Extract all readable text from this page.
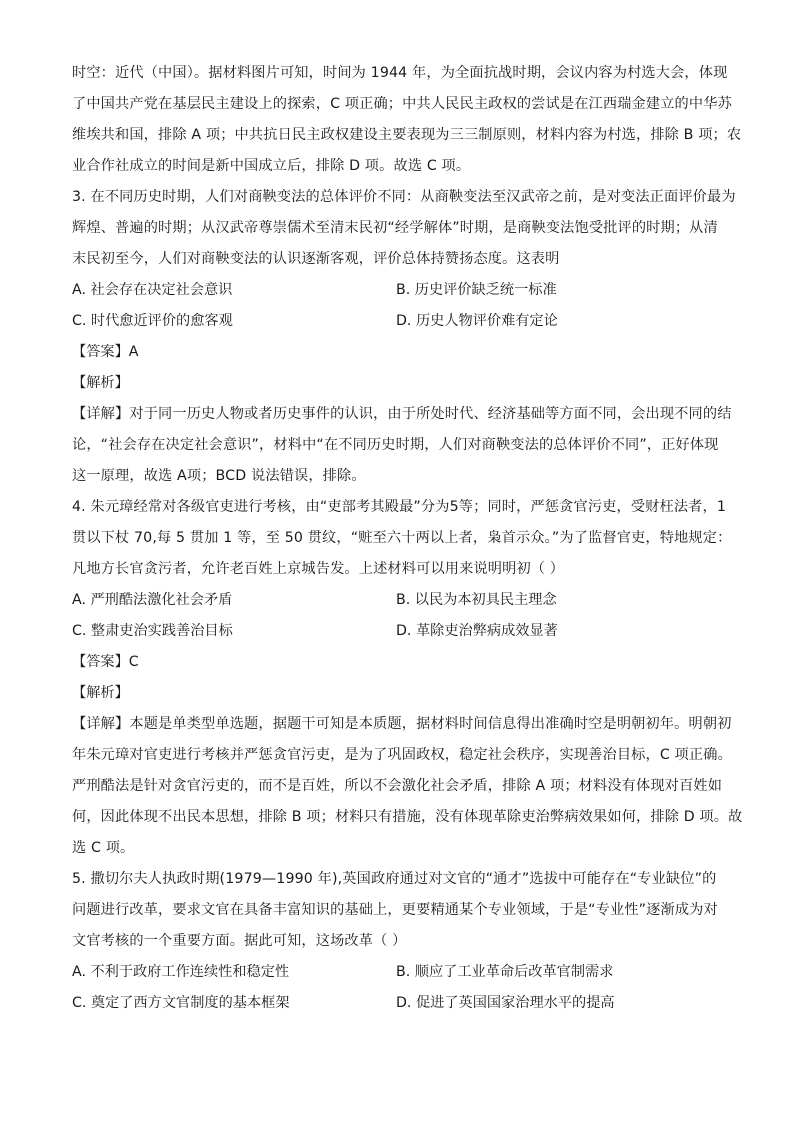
时空：近代（中国）。据材料图片可知，时间为 1944 年，为全面抗战时期，会议内容为村选大会，体现
了中国共产党在基层民主建设上的探索，C 项正确；中共人民民主政权的尝试是在江西瑞金建立的中华苏
维埃共和国，排除 A 项；中共抗日民主政权建设主要表现为三三制原则，材料内容为村选，排除 B 项；农
业合作社成立的时间是新中国成立后，排除 D 项。故选 C 项。
3. 在不同历史时期，人们对商鞅变法的总体评价不同：从商鞅变法至汉武帝之前，是对变法正面评价最为
辉煌、普遍的时期；从汉武帝尊崇儒术至清末民初“经学解体”时期，是商鞅变法饱受批评的时期；从清
末民初至今，人们对商鞅变法的认识逐渐客观，评价总体持赞扬态度。这表明
A. 社会存在决定社会意识	B. 历史评价缺乏统一标准
C. 时代愈近评价的愈客观	D. 历史人物评价难有定论
【答案】A
【解析】
【详解】对于同一历史人物或者历史事件的认识，由于所处时代、经济基础等方面不同，会出现不同的结
论，“社会存在决定社会意识”，材料中“在不同历史时期，人们对商鞅变法的总体评价不同”，正好体现
这一原理，故选 A项；BCD 说法错误，排除。
4. 朱元璋经常对各级官吏进行考核，由“吏部考其殿最”分为5等；同时，严惩贪官污吏，受财枉法者，1
贯以下杖 70,每 5 贯加 1 等，至 50 贯纹，“赃至六十两以上者，枭首示众。”为了监督官吏，特地规定：
凡地方长官贪污者，允许老百姓上京城告发。上述材料可以用来说明明初（ ）
A. 严刑酷法激化社会矛盾	B. 以民为本初具民主理念
C. 整肃吏治实践善治目标	D. 革除吏治弊病成效显著
【答案】C
【解析】
【详解】本题是单类型单选题，据题干可知是本质题，据材料时间信息得出准确时空是明朝初年。明朝初
年朱元璋对官吏进行考核并严惩贪官污吏，是为了巩固政权，稳定社会秩序，实现善治目标，C 项正确。
严刑酷法是针对贪官污吏的，而不是百姓，所以不会激化社会矛盾，排除 A 项；材料没有体现对百姓如
何，因此体现不出民本思想，排除 B 项；材料只有措施，没有体现革除吏治弊病效果如何，排除 D 项。故
选 C 项。
5. 撒切尔夫人执政时期(1979—1990 年),英国政府通过对文官的“通才”选拔中可能存在“专业缺位”的
问题进行改革，要求文官在具备丰富知识的基础上，更要精通某个专业领域，于是“专业性”逐渐成为对
文官考核的一个重要方面。据此可知，这场改革（ ）
A. 不利于政府工作连续性和稳定性	B. 顺应了工业革命后改革官制需求
C. 奠定了西方文官制度的基本框架	D. 促进了英国国家治理水平的提高
